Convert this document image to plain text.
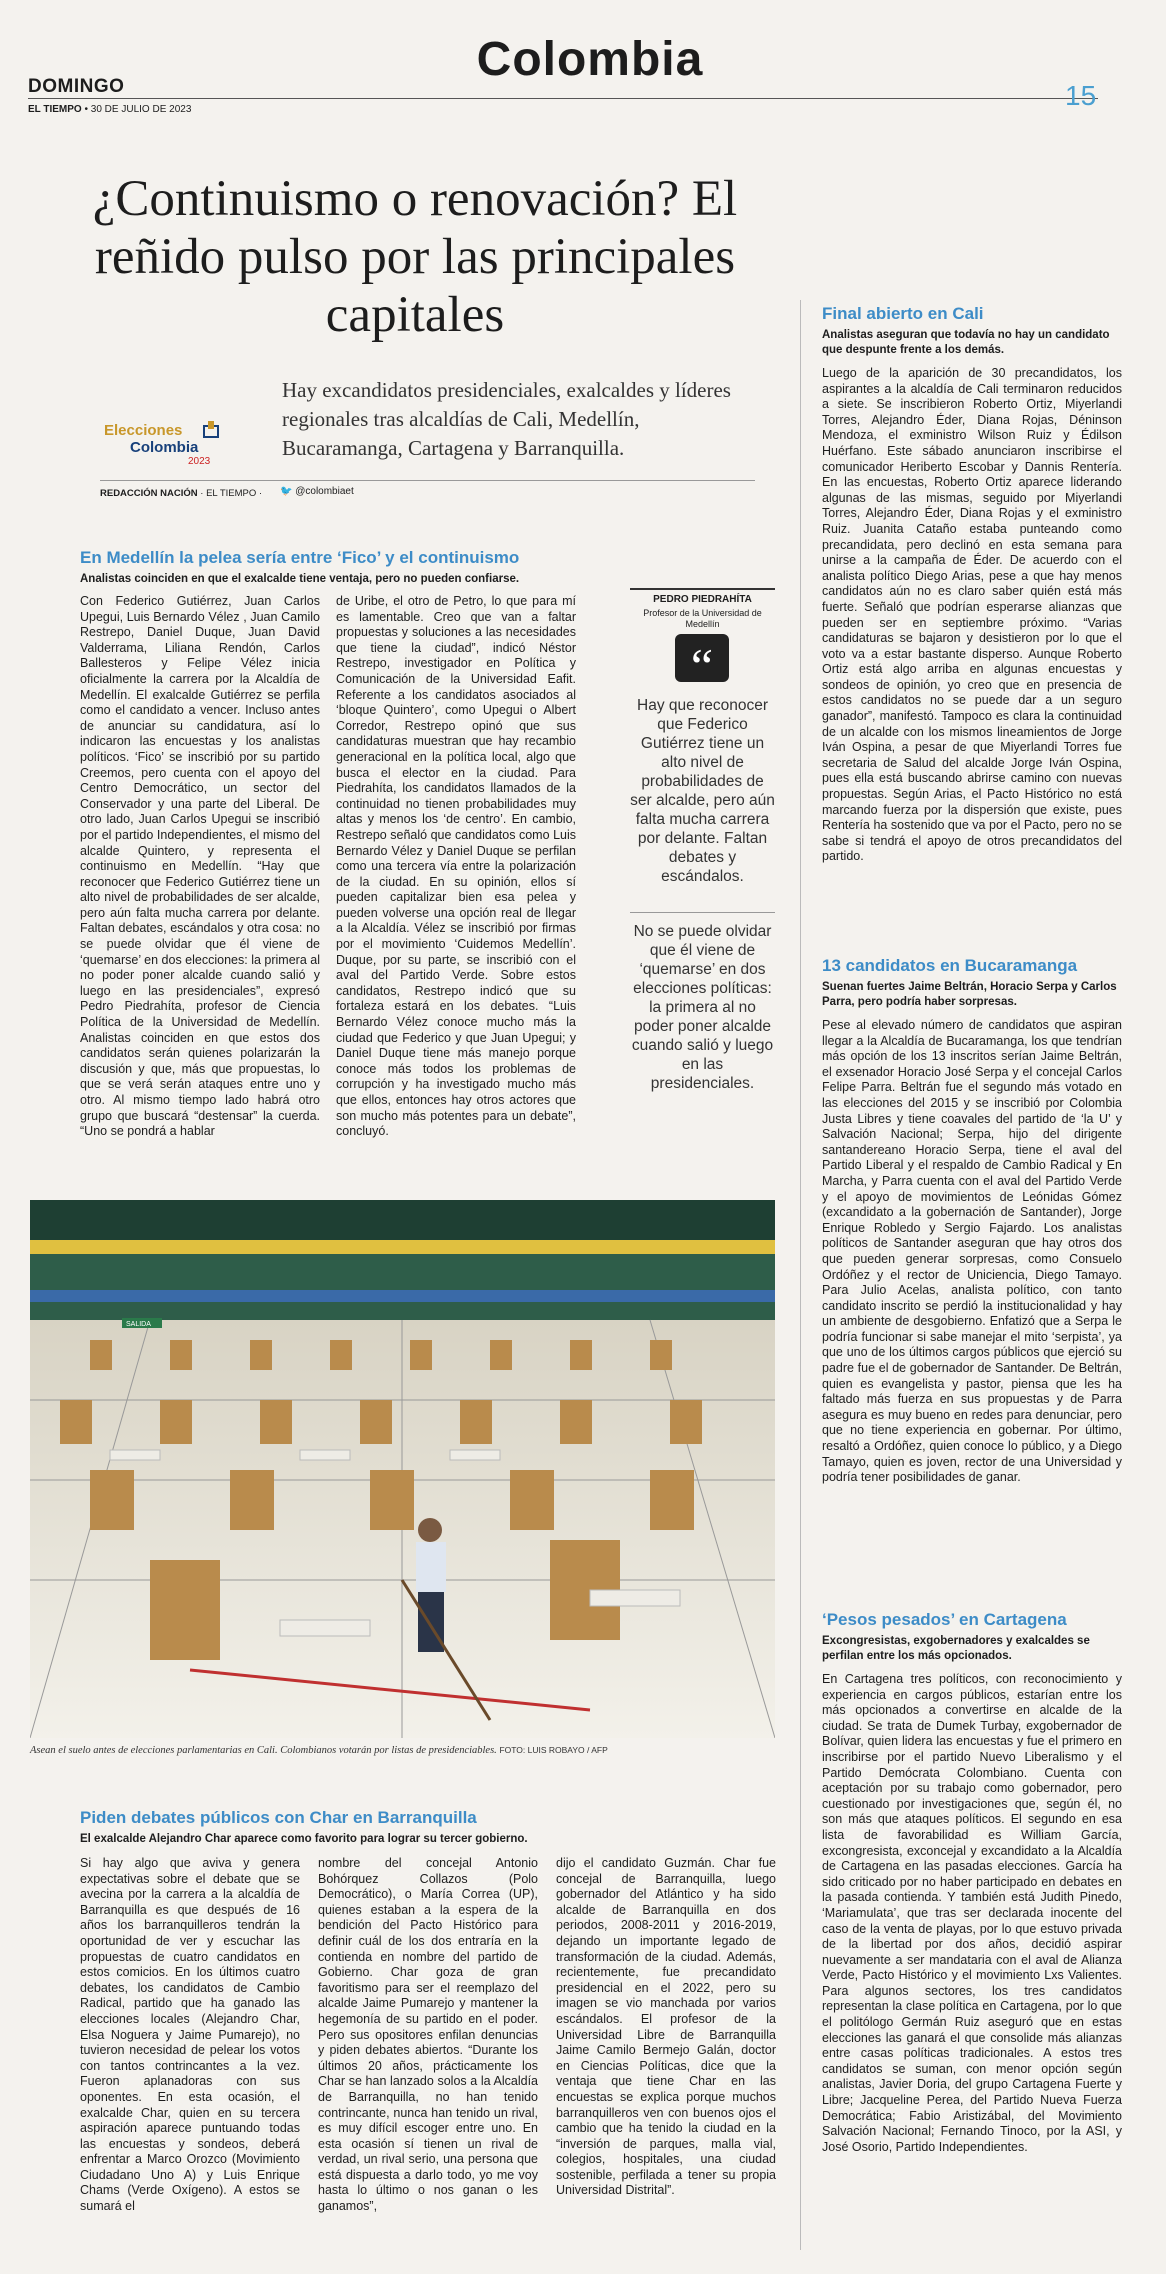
DOMINGO
Colombia
EL TIEMPO • 30 DE JULIO DE 2023	15
¿Continuismo o renovación? El reñido pulso por las principales capitales
Hay excandidatos presidenciales, exalcaldes y líderes regionales tras alcaldías de Cali, Medellín, Bucaramanga, Cartagena y Barranquilla.
Elecciones
Colombia
2023
REDACCIÓN NACIÓN · EL TIEMPO · 🐦 @colombiaet
En Medellín la pelea sería entre ‘Fico’ y el continuismo
Analistas coinciden en que el exalcalde tiene ventaja, pero no pueden confiarse.
Con Federico Gutiérrez, Juan Carlos Upegui, Luis Bernardo Vélez , Juan Camilo Restrepo, Daniel Duque, Juan David Valderrama, Liliana Rendón, Carlos Ballesteros y Felipe Vélez inicia oficialmente la carrera por la Alcaldía de Medellín. El exalcalde Gutiérrez se perfila como el candidato a vencer. Incluso antes de anunciar su candidatura, así lo indicaron las encuestas y los analistas políticos. ‘Fico’ se inscribió por su partido Creemos, pero cuenta con el apoyo del Centro Democrático, un sector del Conservador y una parte del Liberal. De otro lado, Juan Carlos Upegui se inscribió por el partido Independientes, el mismo del alcalde Quintero, y representa el continuismo en Medellín. “Hay que reconocer que Federico Gutiérrez tiene un alto nivel de probabilidades de ser alcalde, pero aún falta mucha carrera por delante. Faltan debates, escándalos y otra cosa: no se puede olvidar que él viene de ‘quemarse’ en dos elecciones: la primera al no poder poner alcalde cuando salió y luego en las presidenciales”, expresó Pedro Piedrahíta, profesor de Ciencia Política de la Universidad de Medellín. Analistas coinciden en que estos dos candidatos serán quienes polarizarán la discusión y que, más que propuestas, lo que se verá serán ataques entre uno y otro. Al mismo tiempo lado habrá otro grupo que buscará “destensar” la cuerda. “Uno se pondrá a hablar
de Uribe, el otro de Petro, lo que para mí es lamentable. Creo que van a faltar propuestas y soluciones a las necesidades que tiene la ciudad”, indicó Néstor Restrepo, investigador en Política y Comunicación de la Universidad Eafit. Referente a los candidatos asociados al ‘bloque Quintero’, como Upegui o Albert Corredor, Restrepo opinó que sus candidaturas muestran que hay recambio generacional en la política local, algo que busca el elector en la ciudad. Para Piedrahíta, los candidatos llamados de la continuidad no tienen probabilidades muy altas y menos los ‘de centro’. En cambio, Restrepo señaló que candidatos como Luis Bernardo Vélez y Daniel Duque se perfilan como una tercera vía entre la polarización de la ciudad. En su opinión, ellos sí pueden capitalizar bien esa pelea y pueden volverse una opción real de llegar a la Alcaldía. Vélez se inscribió por firmas por el movimiento ‘Cuidemos Medellín’. Duque, por su parte, se inscribió con el aval del Partido Verde. Sobre estos candidatos, Restrepo indicó que su fortaleza estará en los debates. “Luis Bernardo Vélez conoce mucho más la ciudad que Federico y que Juan Upegui; y Daniel Duque tiene más manejo porque conoce más todos los problemas de corrupción y ha investigado mucho más que ellos, entonces hay otros actores que son mucho más potentes para un debate”, concluyó.
PEDRO PIEDRAHÍTA
Profesor de la Universidad de Medellín
“
Hay que reconocer que Federico Gutiérrez tiene un alto nivel de probabilidades de ser alcalde, pero aún falta mucha carrera por delante. Faltan debates y escándalos.
No se puede olvidar que él viene de ‘quemarse’ en dos elecciones políticas: la primera al no poder poner alcalde cuando salió y luego en las presidenciales.
SALIDA
Asean el suelo antes de elecciones parlamentarias en Cali. Colombianos votarán por listas de presidenciables. FOTO: LUIS ROBAYO / AFP
Piden debates públicos con Char en Barranquilla
El exalcalde Alejandro Char aparece como favorito para lograr su tercer gobierno.
Si hay algo que aviva y genera expectativas sobre el debate que se avecina por la carrera a la alcaldía de Barranquilla es que después de 16 años los barranquilleros tendrán la oportunidad de ver y escuchar las propuestas de cuatro candidatos en estos comicios. En los últimos cuatro debates, los candidatos de Cambio Radical, partido que ha ganado las elecciones locales (Alejandro Char, Elsa Noguera y Jaime Pumarejo), no tuvieron necesidad de pelear los votos con tantos contrincantes a la vez. Fueron aplanadoras con sus oponentes. En esta ocasión, el exalcalde Char, quien en su tercera aspiración aparece puntuando todas las encuestas y sondeos, deberá enfrentar a Marco Orozco (Movimiento Ciudadano Uno A) y Luis Enrique Chams (Verde Oxígeno). A estos se sumará el
nombre del concejal Antonio Bohórquez Collazos (Polo Democrático), o María Correa (UP), quienes estaban a la espera de la bendición del Pacto Histórico para definir cuál de los dos entraría en la contienda en nombre del partido de Gobierno. Char goza de gran favoritismo para ser el reemplazo del alcalde Jaime Pumarejo y mantener la hegemonía de su partido en el poder. Pero sus opositores enfilan denuncias y piden debates abiertos. “Durante los últimos 20 años, prácticamente los Char se han lanzado solos a la Alcaldía de Barranquilla, no han tenido contrincante, nunca han tenido un rival, es muy difícil escoger entre uno. En esta ocasión sí tienen un rival de verdad, un rival serio, una persona que está dispuesta a darlo todo, yo me voy hasta lo último o nos ganan o les ganamos”,
dijo el candidato Guzmán. Char fue concejal de Barranquilla, luego gobernador del Atlántico y ha sido alcalde de Barranquilla en dos periodos, 2008-2011 y 2016-2019, dejando un importante legado de transformación de la ciudad. Además, recientemente, fue precandidato presidencial en el 2022, pero su imagen se vio manchada por varios escándalos. El profesor de la Universidad Libre de Barranquilla Jaime Camilo Bermejo Galán, doctor en Ciencias Políticas, dice que la ventaja que tiene Char en las encuestas se explica porque muchos barranquilleros ven con buenos ojos el cambio que ha tenido la ciudad en la “inversión de parques, malla vial, colegios, hospitales, una ciudad sostenible, perfilada a tener su propia Universidad Distrital”.
Final abierto en Cali
Analistas aseguran que todavía no hay un candidato que despunte frente a los demás.
Luego de la aparición de 30 precandidatos, los aspirantes a la alcaldía de Cali terminaron reducidos a siete. Se inscribieron Roberto Ortiz, Miyerlandi Torres, Alejandro Éder, Diana Rojas, Déninson Mendoza, el exministro Wilson Ruiz y Édilson Huérfano. Este sábado anunciaron inscribirse el comunicador Heriberto Escobar y Dannis Rentería. En las encuestas, Roberto Ortiz aparece liderando algunas de las mismas, seguido por Miyerlandi Torres, Alejandro Éder, Diana Rojas y el exministro Ruiz. Juanita Cataño estaba punteando como precandidata, pero declinó en esta semana para unirse a la campaña de Éder. De acuerdo con el analista político Diego Arias, pese a que hay menos candidatos aún no es claro saber quién está más fuerte. Señaló que podrían esperarse alianzas que pueden ser en septiembre próximo. “Varias candidaturas se bajaron y desistieron por lo que el voto va a estar bastante disperso. Aunque Roberto Ortiz está algo arriba en algunas encuestas y sondeos de opinión, yo creo que en presencia de estos candidatos no se puede dar a un seguro ganador”, manifestó. Tampoco es clara la continuidad de un alcalde con los mismos lineamientos de Jorge Iván Ospina, a pesar de que Miyerlandi Torres fue secretaria de Salud del alcalde Jorge Iván Ospina, pues ella está buscando abrirse camino con nuevas propuestas. Según Arias, el Pacto Histórico no está marcando fuerza por la dispersión que existe, pues Rentería ha sostenido que va por el Pacto, pero no se sabe si tendrá el apoyo de otros precandidatos del partido.
13 candidatos en Bucaramanga
Suenan fuertes Jaime Beltrán, Horacio Serpa y Carlos Parra, pero podría haber sorpresas.
Pese al elevado número de candidatos que aspiran llegar a la Alcaldía de Bucaramanga, los que tendrían más opción de los 13 inscritos serían Jaime Beltrán, el exsenador Horacio José Serpa y el concejal Carlos Felipe Parra. Beltrán fue el segundo más votado en las elecciones del 2015 y se inscribió por Colombia Justa Libres y tiene coavales del partido de ‘la U’ y Salvación Nacional; Serpa, hijo del dirigente santandereano Horacio Serpa, tiene el aval del Partido Liberal y el respaldo de Cambio Radical y En Marcha, y Parra cuenta con el aval del Partido Verde y el apoyo de movimientos de Leónidas Gómez (excandidato a la gobernación de Santander), Jorge Enrique Robledo y Sergio Fajardo. Los analistas políticos de Santander aseguran que hay otros dos que pueden generar sorpresas, como Consuelo Ordóñez y el rector de Uniciencia, Diego Tamayo. Para Julio Acelas, analista político, con tanto candidato inscrito se perdió la institucionalidad y hay un ambiente de desgobierno. Enfatizó que a Serpa le podría funcionar si sabe manejar el mito ‘serpista’, ya que uno de los últimos cargos públicos que ejerció su padre fue el de gobernador de Santander. De Beltrán, quien es evangelista y pastor, piensa que les ha faltado más fuerza en sus propuestas y de Parra asegura es muy bueno en redes para denunciar, pero que no tiene experiencia en gobernar. Por último, resaltó a Ordóñez, quien conoce lo público, y a Diego Tamayo, quien es joven, rector de una Universidad y podría tener posibilidades de ganar.
‘Pesos pesados’ en Cartagena
Excongresistas, exgobernadores y exalcaldes se perfilan entre los más opcionados.
En Cartagena tres políticos, con reconocimiento y experiencia en cargos públicos, estarían entre los más opcionados a convertirse en alcalde de la ciudad. Se trata de Dumek Turbay, exgobernador de Bolívar, quien lidera las encuestas y fue el primero en inscribirse por el partido Nuevo Liberalismo y el Partido Demócrata Colombiano. Cuenta con aceptación por su trabajo como gobernador, pero cuestionado por investigaciones que, según él, no son más que ataques políticos. El segundo en esa lista de favorabilidad es William García, excongresista, exconcejal y excandidato a la Alcaldía de Cartagena en las pasadas elecciones. García ha sido criticado por no haber participado en debates en la pasada contienda. Y también está Judith Pinedo, ‘Mariamulata’, que tras ser declarada inocente del caso de la venta de playas, por lo que estuvo privada de la libertad por dos años, decidió aspirar nuevamente a ser mandataria con el aval de Alianza Verde, Pacto Histórico y el movimiento Lxs Valientes. Para algunos sectores, los tres candidatos representan la clase política en Cartagena, por lo que el politólogo Germán Ruiz aseguró que en estas elecciones las ganará el que consolide más alianzas entre casas políticas tradicionales. A estos tres candidatos se suman, con menor opción según analistas, Javier Doria, del grupo Cartagena Fuerte y Libre; Jacqueline Perea, del Partido Nueva Fuerza Democrática; Fabio Aristizábal, del Movimiento Salvación Nacional; Fernando Tinoco, por la ASI, y José Osorio, Partido Independientes.
